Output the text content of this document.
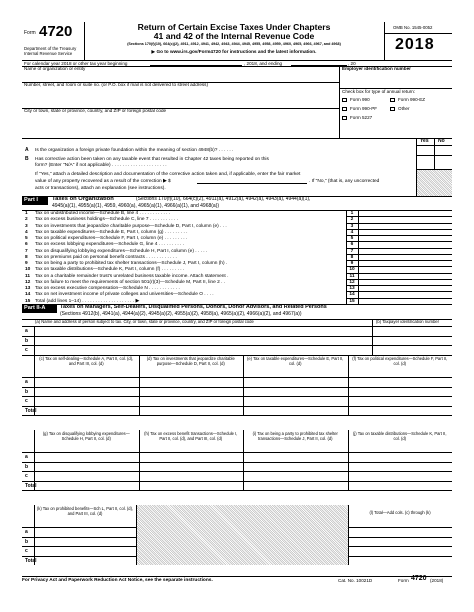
Form 4720
Department of the Treasury
Internal Revenue Service
Return of Certain Excise Taxes Under Chapters
41 and 42 of the Internal Revenue Code
(Sections 170(f)(10), 664(c)(2), 4911, 4912, 4941, 4942, 4943, 4944, 4945, 4955, 4958, 4959, 4960, 4965, 4966, 4967, and 4968)
▶ Go to www.irs.gov/Form4720 for instructions and the latest information.
OMB No. 1545-0052
2018
For calendar year 2018 or other tax year beginning	, 2018, and ending	, 20
Name of organization or entity	Employer identification number
Number, street, and room or suite no. (or P.O. box if mail is not delivered to street address)
Check box for type of annual return:
Form 990	Form 990-EZ
Form 990-PF	Other
Form 5227
City or town, state or province, country, and ZIP or foreign postal code
Yes No
A Is the organization a foreign private foundation within the meaning of section 4948(b)? . . . . . .
B Has corrective action been taken on any taxable event that resulted in Chapter 42 taxes being reported on this
form? (Enter "N/A" if not applicable) . . . . . . . . . . . . . . . . . . . . .
If "Yes," attach a detailed description and documentation of the corrective action taken and, if applicable, enter the fair market
value of any property recovered as a result of the correction ▶ $	. If "No," (that is, any uncorrected
acts or transactions), attach an explanation (see instructions).
Part I Taxes on Organization	(Sections 170(f)(10), 664(c)(2), 4911(a), 4912(a), 4942(a), 4943(a), 4944(a)(1),
4945(a)(1), 4955(a)(1), 4959, 4960(a), 4965(a)(1), 4966(a)(1), and 4968(a))
1 Tax on undistributed income—Schedule B, line 4 . . . . . . . . . . . .	1
2 Tax on excess business holdings—Schedule C, line 7 . . . . . . . . . . .	2
3 Tax on investments that jeopardize charitable purpose—Schedule D, Part I, column (e) . . .	3
4 Tax on taxable expenditures—Schedule E, Part I, column (g) . . . . . . . . .	4
5 Tax on political expenditures—Schedule F, Part I, column (e) . . . . . . . . .	5
6 Tax on excess lobbying expenditures—Schedule G, line 4 . . . . . . . . . .	6
7 Tax on disqualifying lobbying expenditures—Schedule H, Part I, column (e) . . . . .	7
8 Tax on premiums paid on personal benefit contracts . . . . . . . . . . . .	8
9 Tax on being a party to prohibited tax shelter transactions—Schedule J, Part I, column (h) .	9
10 Tax on taxable distributions—Schedule K, Part I, column (f) . . . . . . . . .	10
11 Tax on a charitable remainder trust's unrelated business taxable income. Attach statement .	11
12 Tax on failure to meet the requirements of section 501(r)(3)—Schedule M, Part II, line 2 . .	12
13 Tax on excess executive compensation—Schedule N . . . . . . . . . . . .	13
14 Tax on net investment income of private colleges and universities—Schedule O . . . .	14
15 Total (add lines 1–14) . . . . . . . . . . . . . . . . . . . . ▶	15
Part II-A	Taxes on Managers, Self-Dealers, Disqualified Persons, Donors, Donor Advisors, and Related Persons
(Sections 4912(b), 4941(a), 4944(a)(2), 4945(a)(2), 4955(a)(2), 4958(a), 4965(a)(2), 4966(a)(2), and 4967(a))
(a) Name and address of person subject to tax. City, or town, state or province, country, and ZIP or foreign postal code	(b) Taxpayer identification number
a
b
c
(c) Tax on self-dealing—Schedule A, Part II, col. (d), and Part III, col. (d)
(d) Tax on investments that jeopardize charitable purpose—Schedule D, Part II, col. (d)
(e) Tax on taxable expenditures—Schedule E, Part II, col. (d)
(f) Tax on political expenditures—Schedule F, Part II, col. (d)
a
b
c
Total
(g) Tax on disqualifying lobbying expenditures—Schedule H, Part II, col. (d)
(h) Tax on excess benefit transactions—Schedule I, Part II, col. (d), and Part III, col. (d)
(i) Tax on being a party to prohibited tax shelter transactions—Schedule J, Part II, col. (d)
(j) Tax on taxable distributions—Schedule K, Part II, col. (d)
a
b
c
Total
(k) Tax on prohibited benefits—Sch L, Part II, col. (d), and Part III, col. (d)	(l) Total—Add cols. (c) through (k)
a
b
c
Total
For Privacy Act and Paperwork Reduction Act Notice, see the separate instructions.	Cat. No. 10021D	Form 4720 (2018)
